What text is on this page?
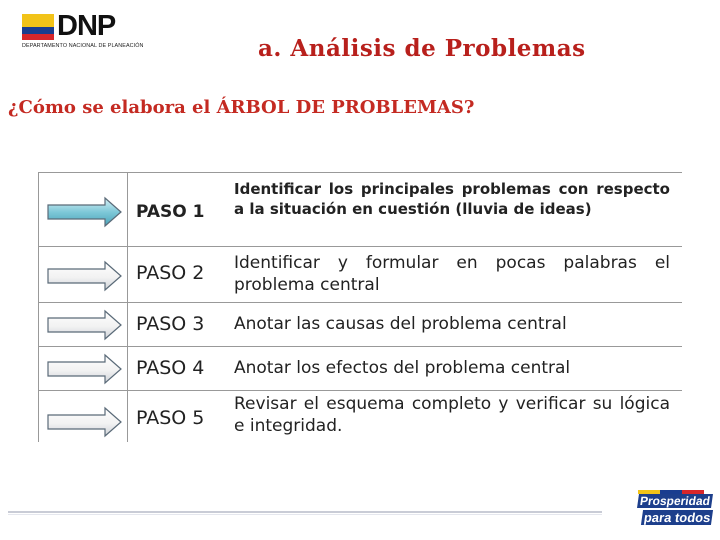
DNP
DEPARTAMENTO NACIONAL DE PLANEACIÓN	a. Análisis de Problemas
¿Cómo se elabora el ÁRBOL DE PROBLEMAS?
PASO 1
Identificar los principales problemas con respecto a la situación en cuestión (lluvia de ideas)
PASO 2 Identificar y formular en pocas palabras el problema central
PASO 3 Anotar las causas del problema central
PASO 4 Anotar los efectos del problema central
PASO 5
Revisar el esquema completo y verificar su lógica e integridad.
Prosperidad
para todos
